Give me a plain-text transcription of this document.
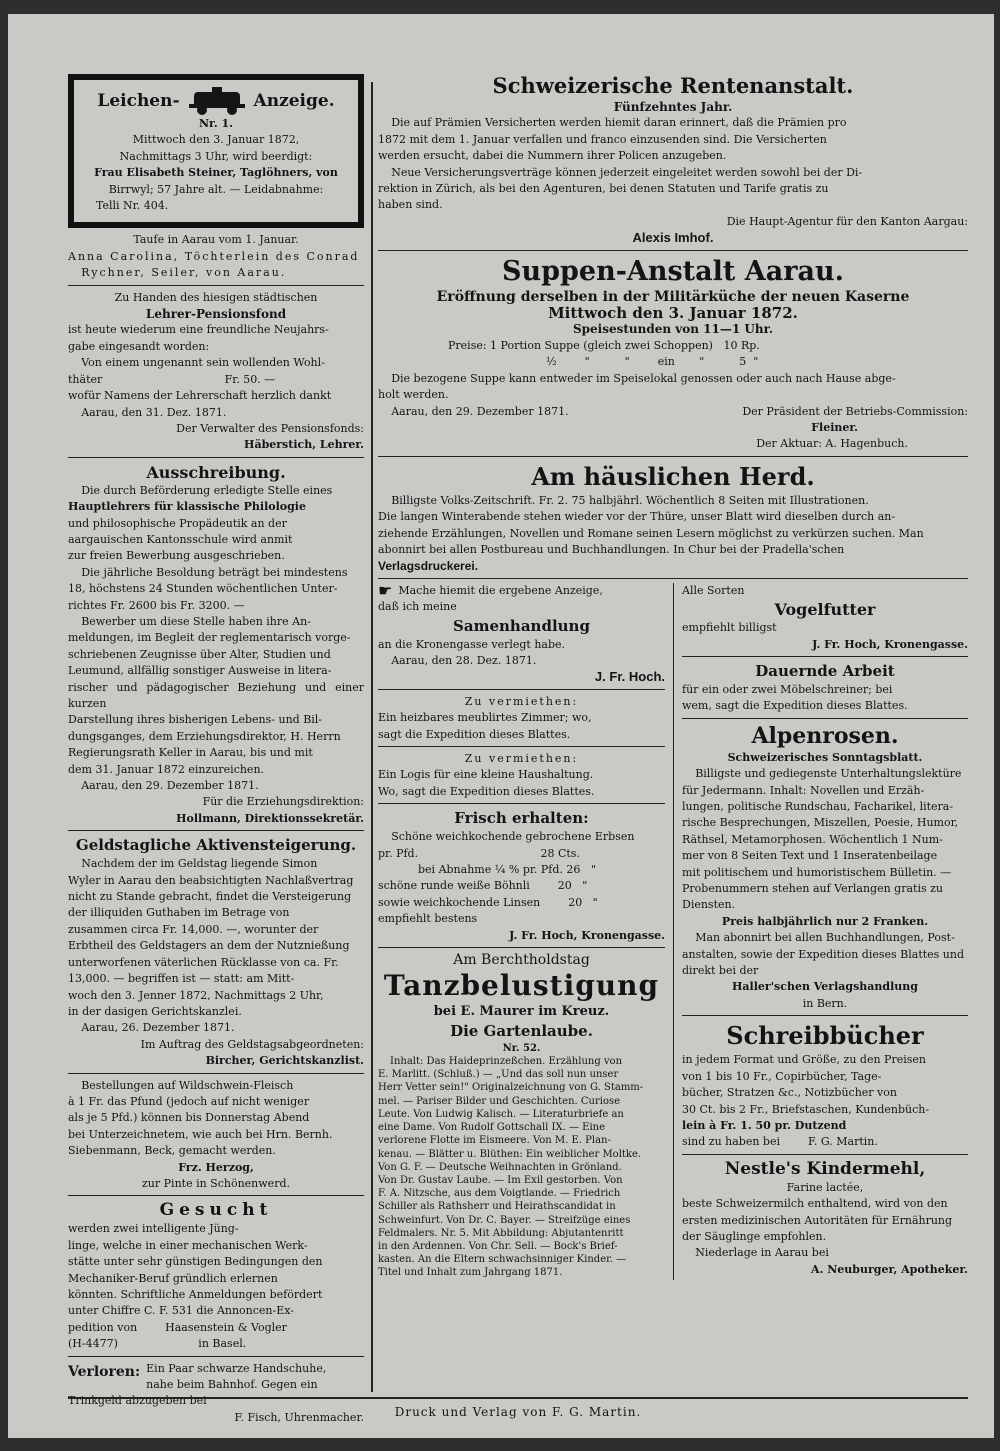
Leichen-	Anzeige.
Nr. 1.
Mittwoch den 3. Januar 1872,
Nachmittags 3 Uhr, wird beerdigt:
Frau Elisabeth Steiner, Taglöhners, von
Birrwyl; 57 Jahre alt. — Leidabnahme:
Telli Nr. 404.
Taufe in Aarau vom 1. Januar.
Anna Carolina, Töchterlein des Conrad
Rychner, Seiler, von Aarau.
Zu Handen des hiesigen städtischen
Lehrer-Pensionsfond
ist heute wiederum eine freundliche Neujahrs-
gabe eingesandt worden:
Von einem ungenannt sein wollenden Wohl-
thäter                                   Fr. 50. —
wofür Namens der Lehrerschaft herzlich dankt
Aarau, den 31. Dez. 1871.
Der Verwalter des Pensionsfonds:
Häberstich, Lehrer.
Ausschreibung.
Die durch Beförderung erledigte Stelle eines
Hauptlehrers für klassische Philologie
und philosophische Propädeutik an der
aargauischen Kantonsschule wird anmit
zur freien Bewerbung ausgeschrieben.
Die jährliche Besoldung beträgt bei mindestens
18, höchstens 24 Stunden wöchentlichen Unter-
richtes Fr. 2600 bis Fr. 3200. —
Bewerber um diese Stelle haben ihre An-
meldungen, im Begleit der reglementarisch vorge-
schriebenen Zeugnisse über Alter, Studien und
Leumund, allfällig sonstiger Ausweise in litera-
rischer und pädagogischer Beziehung und einer kurzen
Darstellung ihres bisherigen Lebens- und Bil-
dungsganges, dem Erziehungsdirektor, H. Herrn
Regierungsrath Keller in Aarau, bis und mit
dem 31. Januar 1872 einzureichen.
Aarau, den 29. Dezember 1871.
Für die Erziehungsdirektion:
Hollmann, Direktionssekretär.
Geldstagliche Aktivensteigerung.
Nachdem der im Geldstag liegende Simon
Wyler in Aarau den beabsichtigten Nachlaßvertrag
nicht zu Stande gebracht, findet die Versteigerung
der illiquiden Guthaben im Betrage von
zusammen circa Fr. 14,000. —, worunter der
Erbtheil des Geldstagers an dem der Nutznießung
unterworfenen väterlichen Rücklasse von ca. Fr.
13,000. — begriffen ist — statt: am Mitt-
woch den 3. Jenner 1872, Nachmittags 2 Uhr,
in der dasigen Gerichtskanzlei.
Aarau, 26. Dezember 1871.
Im Auftrag des Geldstagsabgeordneten:
Bircher, Gerichtskanzlist.
Bestellungen auf Wildschwein-Fleisch
à 1 Fr. das Pfund (jedoch auf nicht weniger
als je 5 Pfd.) können bis Donnerstag Abend
bei Unterzeichnetem, wie auch bei Hrn. Bernh.
Siebenmann, Beck, gemacht werden.
Frz. Herzog,
zur Pinte in Schönenwerd.
Gesucht
werden zwei intelligente Jüng-
linge, welche in einer mechanischen Werk-
stätte unter sehr günstigen Bedingungen den
Mechaniker-Beruf gründlich erlernen
könnten. Schriftliche Anmeldungen befördert
unter Chiffre C. F. 531 die Annoncen-Ex-
pedition von        Haasenstein & Vogler
(H-4477)                       in Basel.
Verloren: Ein Paar schwarze Handschuhe,
nahe beim Bahnhof. Gegen ein
Trinkgeld abzugeben bei
F. Fisch, Uhrenmacher.
Schweizerische Rentenanstalt.
Fünfzehntes Jahr.
Die auf Prämien Versicherten werden hiemit daran erinnert, daß die Prämien pro
1872 mit dem 1. Januar verfallen und franco einzusenden sind. Die Versicherten
werden ersucht, dabei die Nummern ihrer Policen anzugeben.
Neue Versicherungsverträge können jederzeit eingeleitet werden sowohl bei der Di-
rektion in Zürich, als bei den Agenturen, bei denen Statuten und Tarife gratis zu
haben sind.
Die Haupt-Agentur für den Kanton Aargau:
Alexis Imhof.
Suppen-Anstalt Aarau.
Eröffnung derselben in der Militärküche der neuen Kaserne
Mittwoch den 3. Januar 1872.
Speisestunden von 11—1 Uhr.
Preise: 1 Portion Suppe (gleich zwei Schoppen)   10 Rp.
½        "          "        ein       "          5  "
Die bezogene Suppe kann entweder im Speiselokal genossen oder auch nach Hause abge-
holt werden.
Aarau, den 29. Dezember 1871.	Der Präsident der Betriebs-Commission:
Fleiner.
Der Aktuar: A. Hagenbuch.
Am häuslichen Herd.
Billigste Volks-Zeitschrift. Fr. 2. 75 halbjährl. Wöchentlich 8 Seiten mit Illustrationen.
Die langen Winterabende stehen wieder vor der Thüre, unser Blatt wird dieselben durch an-
ziehende Erzählungen, Novellen und Romane seinen Lesern möglichst zu verkürzen suchen. Man
abonnirt bei allen Postbureau und Buchhandlungen. In Chur bei der Pradella'schen
Verlagsdruckerei.
☛ Mache hiemit die ergebene Anzeige,
daß ich meine
Samenhandlung
an die Kronengasse verlegt habe.
Aarau, den 28. Dez. 1871.
J. Fr. Hoch.
Zu vermiethen:
Ein heizbares meublirtes Zimmer; wo,
sagt die Expedition dieses Blattes.
Zu vermiethen:
Ein Logis für eine kleine Haushaltung.
Wo, sagt die Expedition dieses Blattes.
Frisch erhalten:
Schöne weichkochende gebrochene Erbsen
pr. Pfd.                                   28 Cts.
bei Abnahme ¼ % pr. Pfd. 26   "
schöne runde weiße Böhnli        20   "
sowie weichkochende Linsen        20   "
empfiehlt bestens
J. Fr. Hoch, Kronengasse.
Am Berchtholdstag
Tanzbelustigung
bei E. Maurer im Kreuz.
Die Gartenlaube.
Nr. 52.
Inhalt: Das Haideprinzeßchen. Erzählung von
E. Marlitt. (Schluß.) — „Und das soll nun unser
Herr Vetter sein!" Originalzeichnung von G. Stamm-
mel. — Pariser Bilder und Geschichten. Curiose
Leute. Von Ludwig Kalisch. — Literaturbriefe an
eine Dame. Von Rudolf Gottschall IX. — Eine
verlorene Flotte im Eismeere. Von M. E. Plan-
kenau. — Blätter u. Blüthen: Ein weiblicher Moltke.
Von G. F. — Deutsche Weihnachten in Grönland.
Von Dr. Gustav Laube. — Im Exil gestorben. Von
F. A. Nitzsche, aus dem Voigtlande. — Friedrich
Schiller als Rathsherr und Heirathscandidat in
Schweinfurt. Von Dr. C. Bayer. — Streifzüge eines
Feldmalers. Nr. 5. Mit Abbildung: Abjutantenritt
in den Ardennen. Von Chr. Sell. — Bock's Brief-
kasten. An die Eltern schwachsinniger Kinder. —
Titel und Inhalt zum Jahrgang 1871.
Alle Sorten
Vogelfutter
empfiehlt billigst
J. Fr. Hoch, Kronengasse.
Dauernde Arbeit
für ein oder zwei Möbelschreiner; bei
wem, sagt die Expedition dieses Blattes.
Alpenrosen.
Schweizerisches Sonntagsblatt.
Billigste und gediegenste Unterhaltungslektüre
für Jedermann. Inhalt: Novellen und Erzäh-
lungen, politische Rundschau, Facharikel, litera-
rische Besprechungen, Miszellen, Poesie, Humor,
Räthsel, Metamorphosen. Wöchentlich 1 Num-
mer von 8 Seiten Text und 1 Inseratenbeilage
mit politischem und humoristischem Bülletin. —
Probenummern stehen auf Verlangen gratis zu
Diensten.
Preis halbjährlich nur 2 Franken.
Man abonnirt bei allen Buchhandlungen, Post-
anstalten, sowie der Expedition dieses Blattes und
direkt bei der
Haller'schen Verlagshandlung
in Bern.
Schreibbücher
in jedem Format und Größe, zu den Preisen
von 1 bis 10 Fr., Copirbücher, Tage-
bücher, Stratzen &c., Notizbücher von
30 Ct. bis 2 Fr., Briefstaschen, Kundenbüch-
lein à Fr. 1. 50 pr. Dutzend
sind zu haben bei        F. G. Martin.
Nestle's Kindermehl,
Farine lactée,
beste Schweizermilch enthaltend, wird von den
ersten medizinischen Autoritäten für Ernährung
der Säuglinge empfohlen.
Niederlage in Aarau bei
A. Neuburger, Apotheker.
Druck und Verlag von F. G. Martin.
